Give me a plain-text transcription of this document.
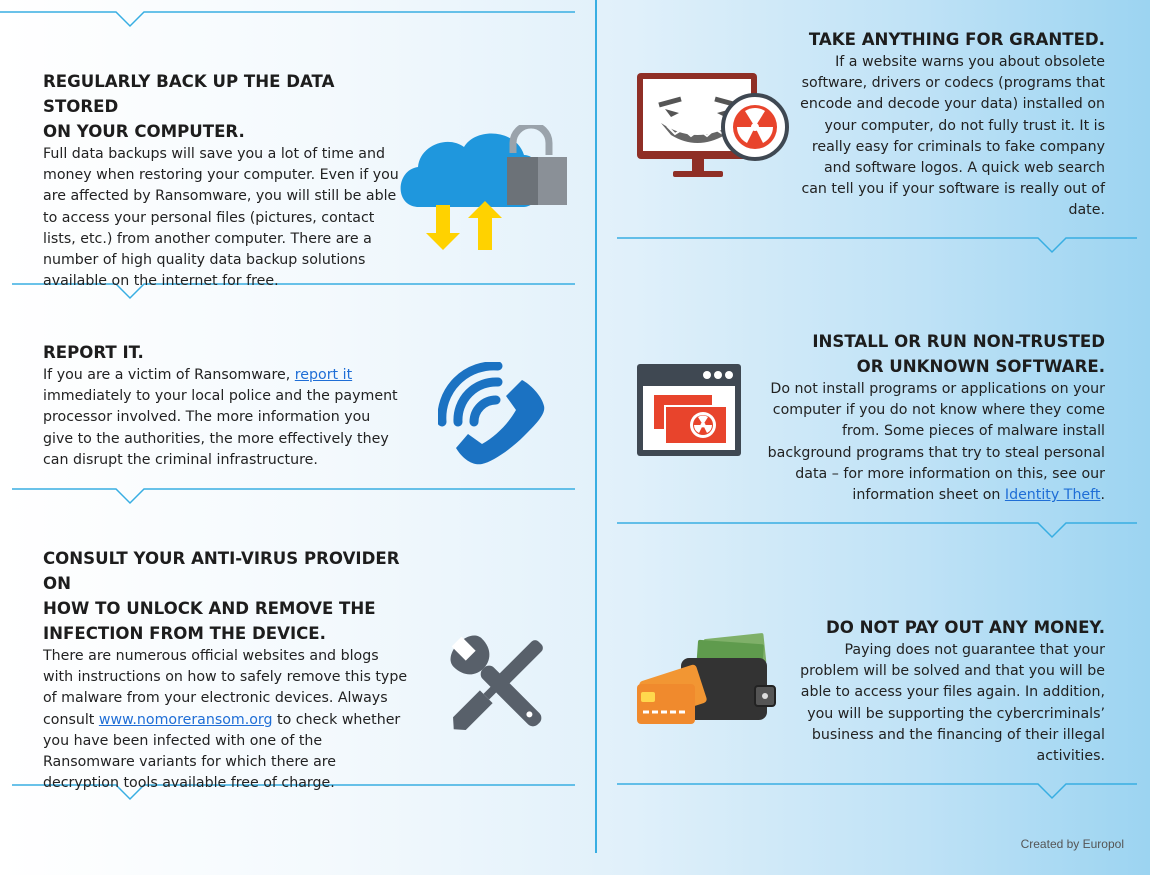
REGULARLY BACK UP THE DATA STORED
ON YOUR COMPUTER.

Full data backups will save you a lot of time and money when restoring your computer. Even if you are affected by Ransomware, you will still be able to access your personal files (pictures, contact lists, etc.) from another computer. There are a number of high quality data backup solutions available on the internet for free.

REPORT IT.

If you are a victim of Ransomware, report it immediately to your local police and the payment processor involved. The more information you give to the authorities, the more effectively they can disrupt the criminal infrastructure.

CONSULT YOUR ANTI-VIRUS PROVIDER ON
HOW TO UNLOCK AND REMOVE THE
INFECTION FROM THE DEVICE.

There are numerous official websites and blogs with instructions on how to safely remove this type of malware from your electronic devices. Always consult www.nomoreransom.org to check whether you have been infected with one of the Ransomware variants for which there are decryption tools available free of charge.

TAKE ANYTHING FOR GRANTED.

If a website warns you about obsolete software, drivers or codecs (programs that encode and decode your data) installed on your computer, do not fully trust it. It is really easy for criminals to fake company and software logos. A quick web search can tell you if your software is really out of date.

INSTALL OR RUN NON-TRUSTED
OR UNKNOWN SOFTWARE.

Do not install programs or applications on your computer if you do not know where they come from. Some pieces of malware install background programs that try to steal personal data – for more information on this, see our information sheet on Identity Theft.

DO NOT PAY OUT ANY MONEY.

Paying does not guarantee that your problem will be solved and that you will be able to access your files again. In addition, you will be supporting the cybercriminals’ business and the financing of their illegal activities.

Created by Europol
